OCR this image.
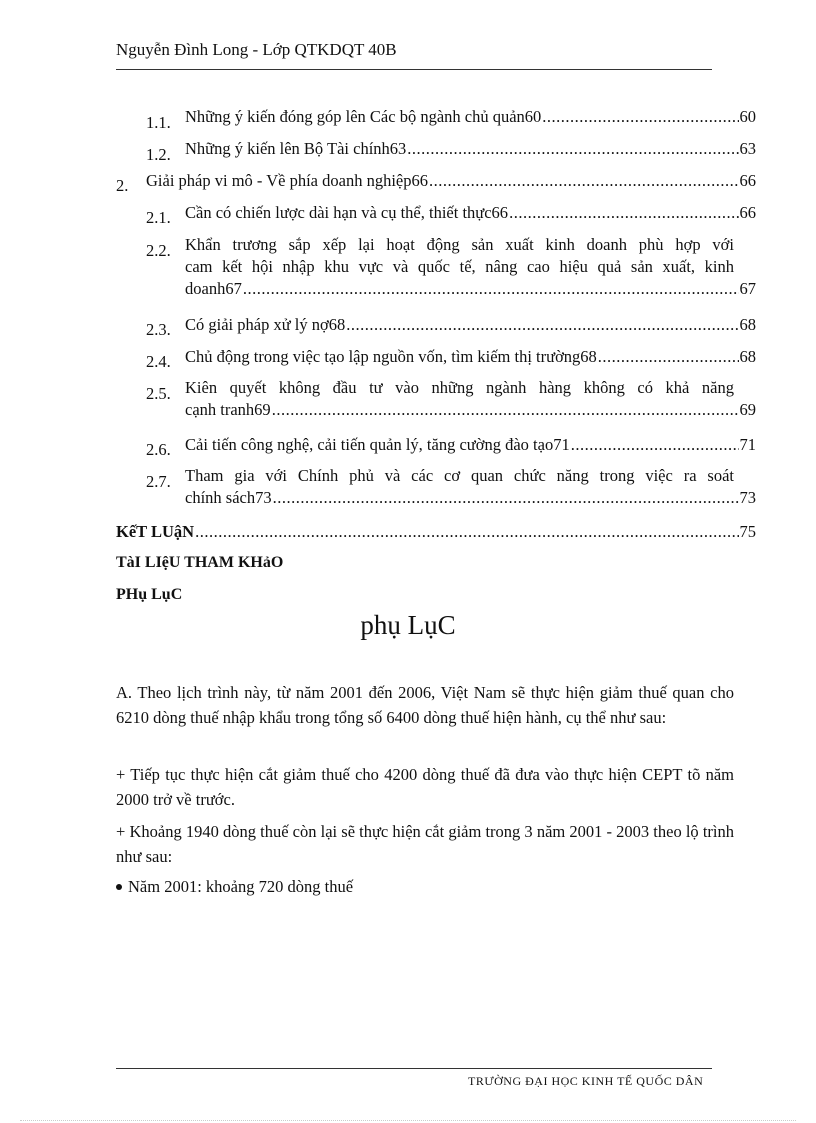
Nguyễn Đình Long - Lớp QTKDQT 40B
1.1. Những ý kiến đóng góp lên Các bộ ngành chủ quản60 .....	60
1.2. Những ý kiến lên Bộ Tài chính63 .....	63
2. Giải pháp vi mô - Về phía doanh nghiệp66 .....	66
2.1. Cần có chiến lược dài hạn và cụ thể, thiết thực66 .....	66
2.2. Khẩn trương sắp xếp lại hoạt động sản xuất kinh doanh phù hợp với
cam kết hội nhập khu vực và quốc tế, nâng cao hiệu quả sản xuất, kinh
doanh67 .....	67
2.3. Có giải pháp xử lý nợ68 .....	68
2.4. Chủ động trong việc tạo lập nguồn vốn, tìm kiếm thị trường68 .....	68
2.5. Kiên quyết không đầu tư vào những ngành hàng không có khả năng
cạnh tranh69 .....	69
2.6. Cải tiến công nghệ, cải tiến quản lý, tăng cường đào tạo71 .....	71
2.7. Tham gia với Chính phủ và các cơ quan chức năng trong việc ra soát
chính sách73 .....	73
KếT LUậN .....	75
TàI LIệU THAM KHảO
PHụ LụC
phụ LụC
A. Theo lịch trình này, từ năm 2001 đến 2006, Việt Nam sẽ thực hiện giảm thuế quan cho 6210 dòng thuế nhập khẩu trong tổng số 6400 dòng thuế hiện hành, cụ thể như sau:
+ Tiếp tục thực hiện cắt giảm thuế cho 4200 dòng thuế đã đưa vào thực hiện CEPT tõ năm 2000 trở về trước.
+ Khoảng 1940 dòng thuế còn lại sẽ thực hiện cắt giảm trong 3 năm 2001 - 2003 theo lộ trình như sau:
Năm 2001: khoảng 720 dòng thuế
TRƯỜNG ĐẠI HỌC KINH TẾ QUỐC DÂN
